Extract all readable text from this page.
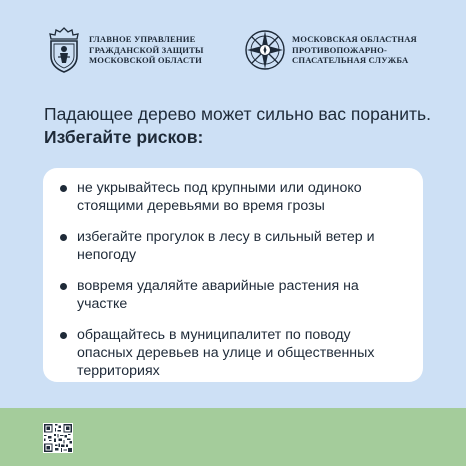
ГЛАВНОЕ УПРАВЛЕНИЕ
ГРАЖДАНСКОЙ ЗАЩИТЫ
МОСКОВСКОЙ ОБЛАСТИ
МОСКОВСКАЯ ОБЛАСТНАЯ
ПРОТИВОПОЖАРНО-
СПАСАТЕЛЬНАЯ СЛУЖБА
Падающее дерево может сильно вас поранить. Избегайте рисков:
не укрывайтесь под крупными или одиноко стоящими деревьями во время грозы
избегайте прогулок в лесу в сильный ветер и непогоду
вовремя удаляйте аварийные растения на участке
обращайтесь в муниципалитет по поводу опасных деревьев на улице и общественных территориях
